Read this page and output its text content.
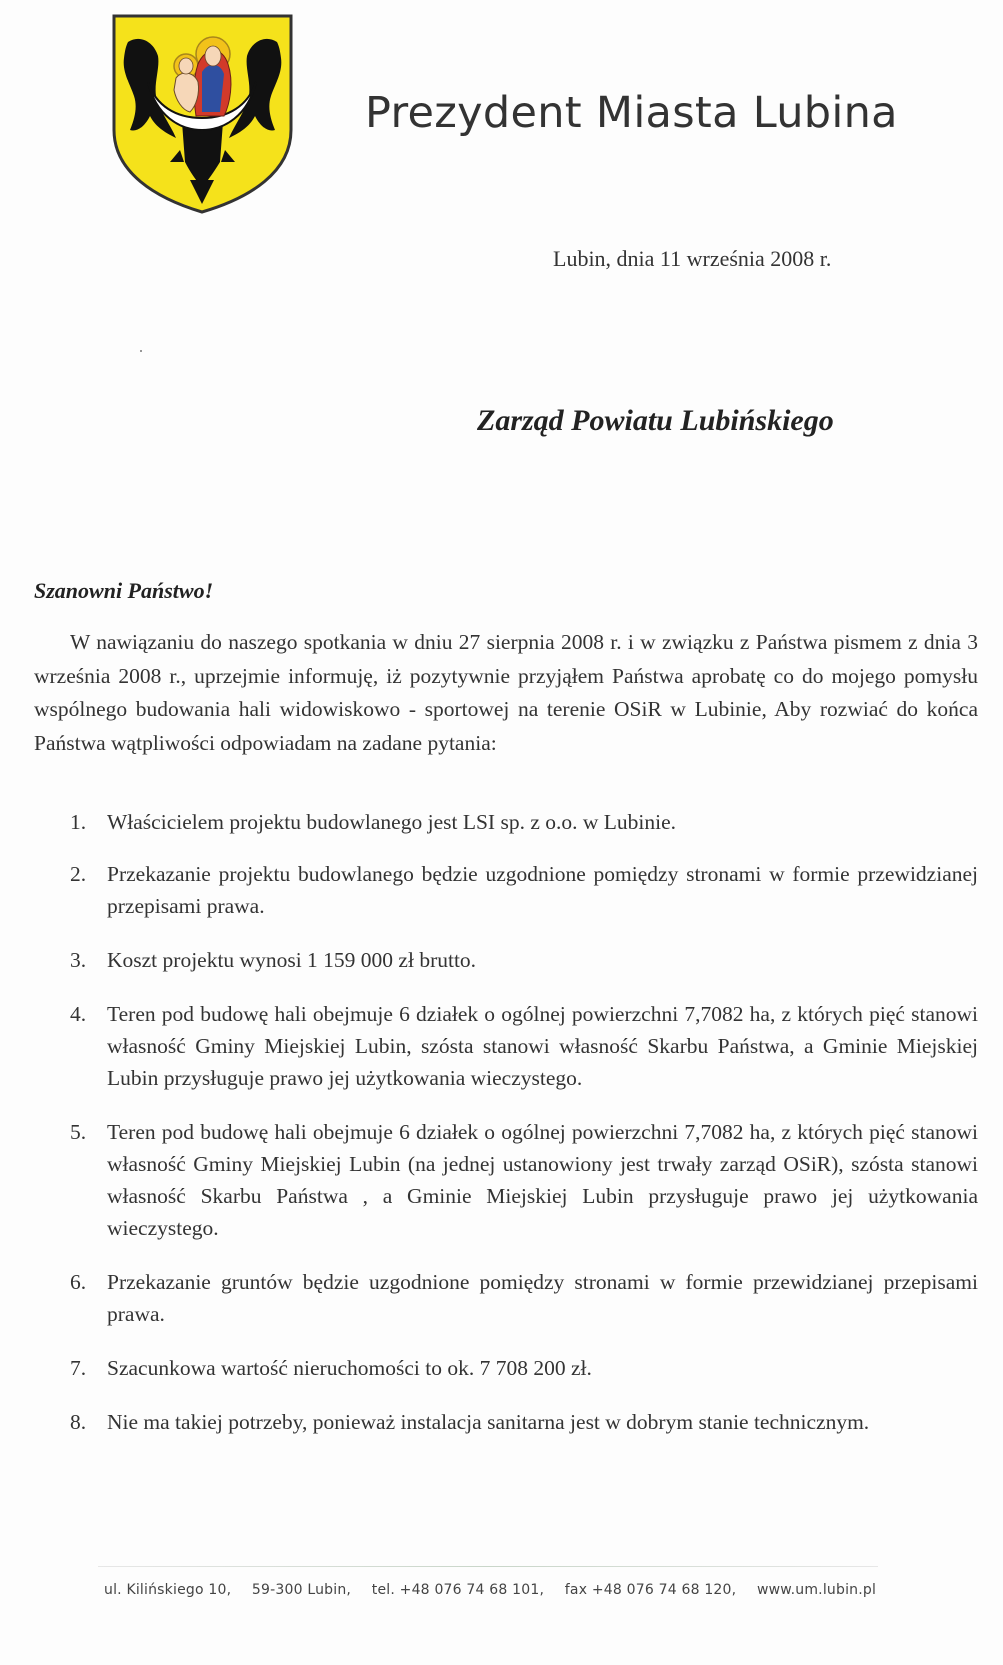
Prezydent Miasta Lubina
Lubin, dnia 11 września 2008 r.
Zarząd Powiatu Lubińskiego
Szanowni Państwo!

W nawiązaniu do naszego spotkania w dniu 27 sierpnia 2008 r. i w związku z Państwa pismem z dnia 3 września 2008 r., uprzejmie informuję, iż pozytywnie przyjąłem Państwa aprobatę co do mojego pomysłu wspólnego budowania hali widowiskowo - sportowej na terenie OSiR w Lubinie, Aby rozwiać do końca Państwa wątpliwości odpowiadam na zadane pytania:

1. Właścicielem projektu budowlanego jest LSI sp. z o.o. w Lubinie.
2. Przekazanie projektu budowlanego będzie uzgodnione pomiędzy stronami w formie przewidzianej przepisami prawa.
3. Koszt projektu wynosi 1 159 000 zł brutto.
4. Teren pod budowę hali obejmuje 6 działek o ogólnej powierzchni 7,7082 ha, z których pięć stanowi własność Gminy Miejskiej Lubin, szósta stanowi własność Skarbu Państwa, a Gminie Miejskiej Lubin przysługuje prawo jej użytkowania wieczystego.
5. Teren pod budowę hali obejmuje 6 działek o ogólnej powierzchni 7,7082 ha, z których pięć stanowi własność Gminy Miejskiej Lubin (na jednej ustanowiony jest trwały zarząd OSiR), szósta stanowi własność Skarbu Państwa , a Gminie Miejskiej Lubin przysługuje prawo jej użytkowania wieczystego.
6. Przekazanie gruntów będzie uzgodnione pomiędzy stronami w formie przewidzianej przepisami prawa.
7. Szacunkowa wartość nieruchomości to ok. 7 708 200 zł.
8. Nie ma takiej potrzeby, ponieważ instalacja sanitarna jest w dobrym stanie technicznym.
ul. Kilińskiego 10, 59-300 Lubin, tel. +48 076 74 68 101, fax +48 076 74 68 120, www.um.lubin.pl
